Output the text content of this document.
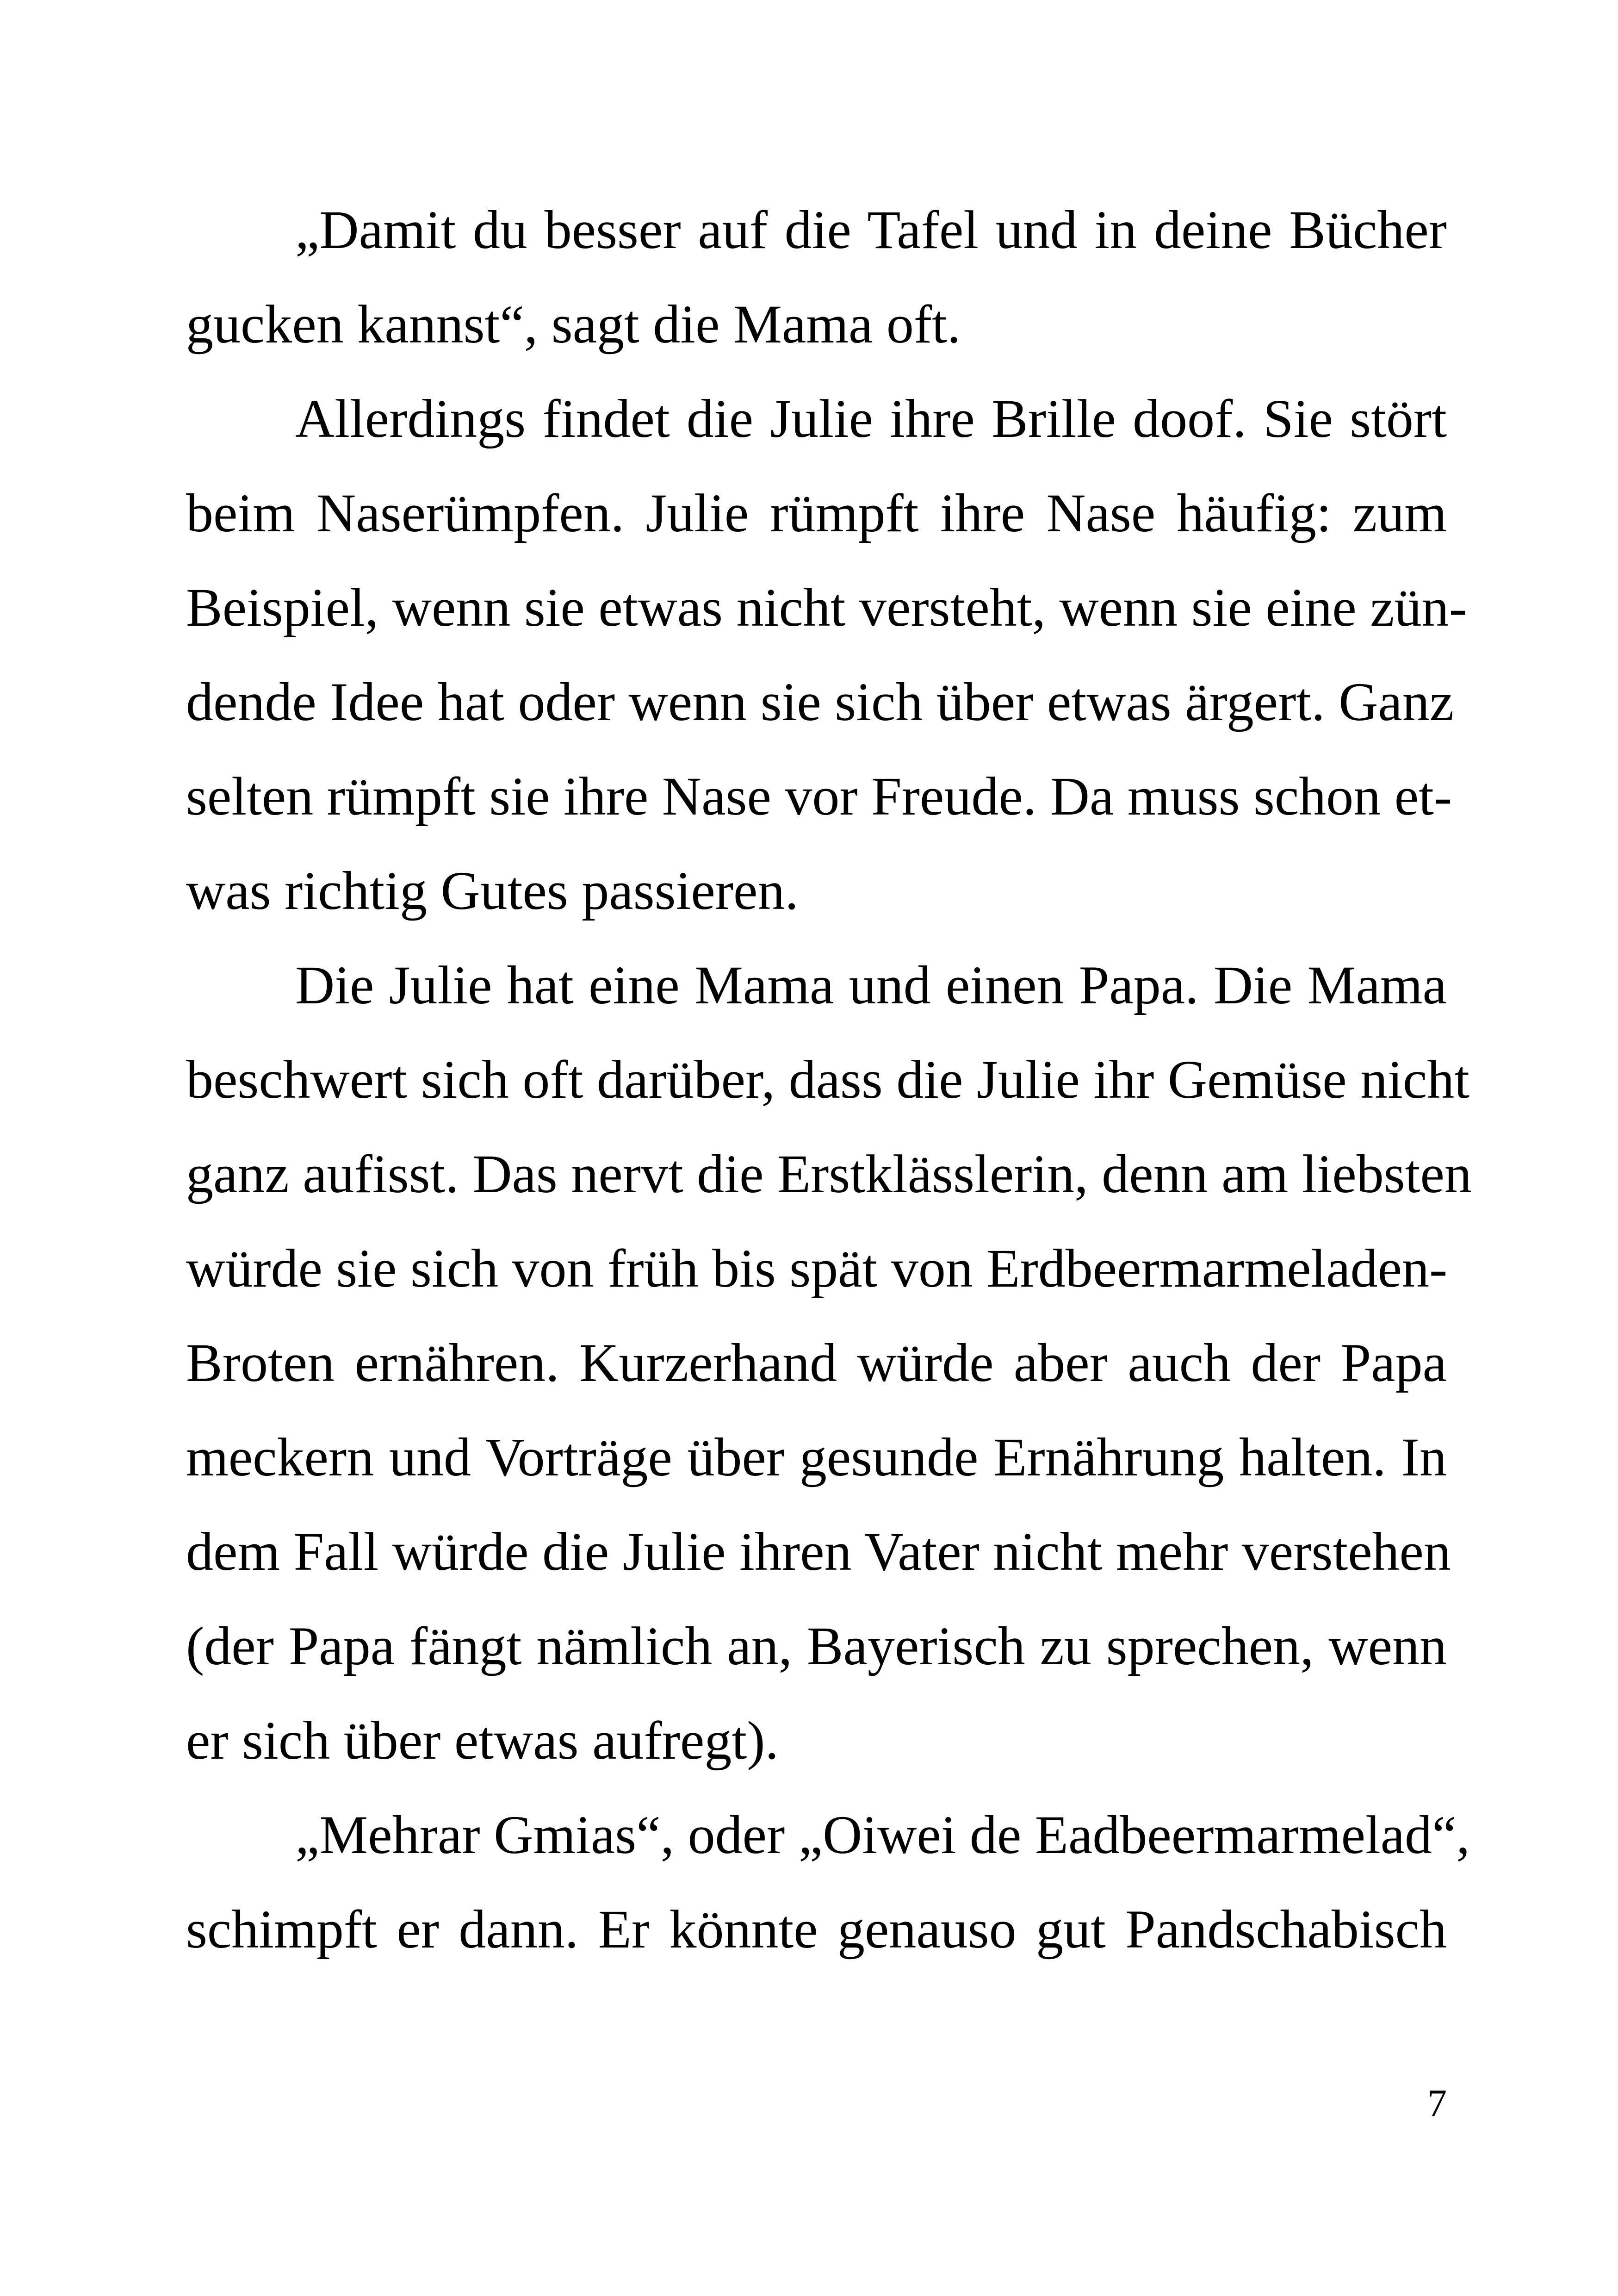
„Damit du besser auf die Tafel und in deine Bücher
gucken kannst“, sagt die Mama oft.
Allerdings findet die Julie ihre Brille doof. Sie stört
beim Naserümpfen. Julie rümpft ihre Nase häufig: zum
Beispiel, wenn sie etwas nicht versteht, wenn sie eine zün-
dende Idee hat oder wenn sie sich über etwas ärgert. Ganz
selten rümpft sie ihre Nase vor Freude. Da muss schon et-
was richtig Gutes passieren.
Die Julie hat eine Mama und einen Papa. Die Mama
beschwert sich oft darüber, dass die Julie ihr Gemüse nicht
ganz aufisst. Das nervt die Erstklässlerin, denn am liebsten
würde sie sich von früh bis spät von Erdbeermarmeladen-
Broten ernähren. Kurzerhand würde aber auch der Papa
meckern und Vorträge über gesunde Ernährung halten. In
dem Fall würde die Julie ihren Vater nicht mehr verstehen
(der Papa fängt nämlich an, Bayerisch zu sprechen, wenn
er sich über etwas aufregt).
„Mehrar Gmias“, oder „Oiwei de Eadbeermarmelad“,
schimpft er dann. Er könnte genauso gut Pandschabisch
7
